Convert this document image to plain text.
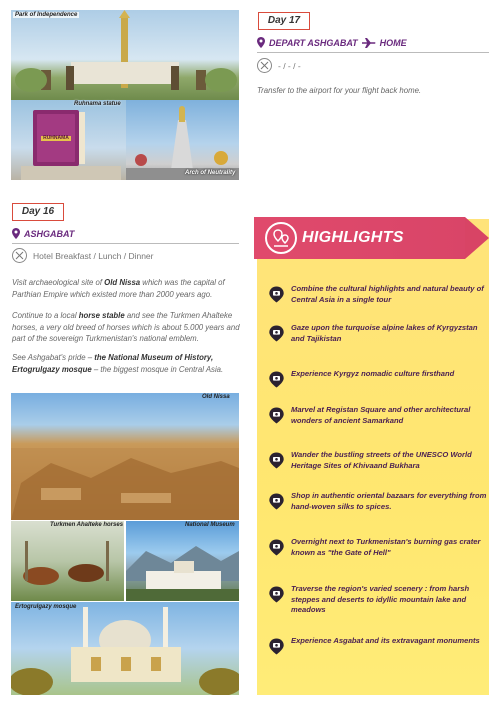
Park of Independence
RUHNAMA
Ruhnama statue
Arch of Neutrality
Day 17
DEPART ASHGABAT HOME
- / - / -
Transfer to the airport for your flight back home.
Day 16
ASHGABAT
Hotel Breakfast / Lunch / Dinner
Visit archaeological site of Old Nissa which was the capital of Parthian Empire which existed more than 2000 years ago.
Continue to a local horse stable and see the Turkmen Ahalteke horses, a very old breed of horses which is about 5.000 years and part of the sovereign Turkmenistan's national emblem.
See Ashgabat's pride – the National Museum of History, Ertogrulgazy mosque – the biggest mosque in Central Asia.
Old Nissa
Turkmen Ahalteke horses	National Museum
Ertogrulgazy mosque
HIGHLIGHTS
Combine the cultural highlights and natural beauty of Central Asia in a single tour
Gaze upon the turquoise alpine lakes of Kyrgyzstan and Tajikistan
Experience Kyrgyz nomadic culture firsthand
Marvel at Registan Square and other architectural wonders of ancient Samarkand
Wander the bustling streets of the UNESCO World Heritage Sites of Khivaand Bukhara
Shop in authentic oriental bazaars for everything from hand-woven silks to spices.
Overnight next to Turkmenistan's burning gas crater known as "the Gate of Hell"
Traverse the region's varied scenery : from harsh steppes and deserts to idyllic mountain lake and meadows
Experience Asgabat and its extravagant monuments
